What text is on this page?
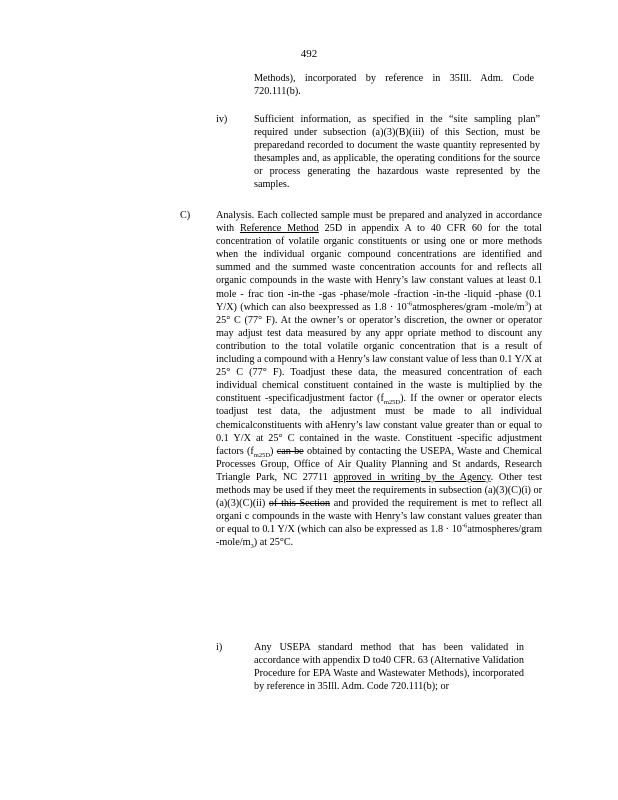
492
Methods), incorporated by reference in 35Ill. Adm. Code 720.111(b).
iv)	Sufficient information, as specified in the “site sampling plan” required under subsection (a)(3)(B)(iii) of this Section, must be preparedand recorded to document the waste quantity represented by thesamples and, as applicable, the operating conditions for the source or process generating the hazardous waste represented by the samples.
C)	Analysis. Each collected sample must be prepared and analyzed in accordance with Reference Method 25D in appendix A to 40 CFR 60 for the total concentration of volatile organic constituents or using one or more methods when the individual organic compound concentrations are identified and summed and the summed waste concentration accounts for and reflects all organic compounds in the waste with Henry’s law constant values at least 0.1 mole - frac tion -in-the -gas -phase/mole -fraction -in-the -liquid -phase (0.1 Y/X) (which can also beexpressed as $1.8 \cdot 10^{-6}atmospheres$/gram $-mole/m^3$) at 25° C (77° F). At the owner’s or operator’s discretion, the owner or operator may adjust test data measured by any appr opriate method to discount any contribution to the total volatile organic concentration that is a result of including a compound with a Henry’s law constant value of less than 0.1 Y/X at 25° C (77° F). Toadjust these data, the measured concentration of each individual chemical constituent contained in the waste is multiplied by the constituent -specificadjustment factor $(f_{m25D})$. If the owner or operator elects toadjust test data, the adjustment must be made to all individual chemicalconstituents with aHenry’s law constant value greater than or equal to 0.1 Y/X at 25° C contained in the waste. Constituent -specific adjustment factors $(f_{m25D})$ can be obtained by contacting the USEPA, Waste and Chemical Processes Group, Office of Air Quality Planning and St andards, Research Triangle Park, NC 27711 approved in writing by the Agency. Other test methods may be used if they meet the requirements in subsection (a)(3)(C)(i) or (a)(3)(C)(ii) of this Section and provided the requirement is met to reflect all organi c compounds in the waste with Henry’s law constant values greater than or equal to 0.1 Y/X (which can also be expressed as $1.8 \cdot 10^{-6}atmospheres$/gram $-mole/m_3$) at 25°C.
i)	Any USEPA standard method that has been validated in accordance with appendix D to40 CFR. 63 (Alternative Validation Procedure for EPA Waste and Wastewater Methods), incorporated by reference in 35Ill. Adm. Code 720.111(b); or
